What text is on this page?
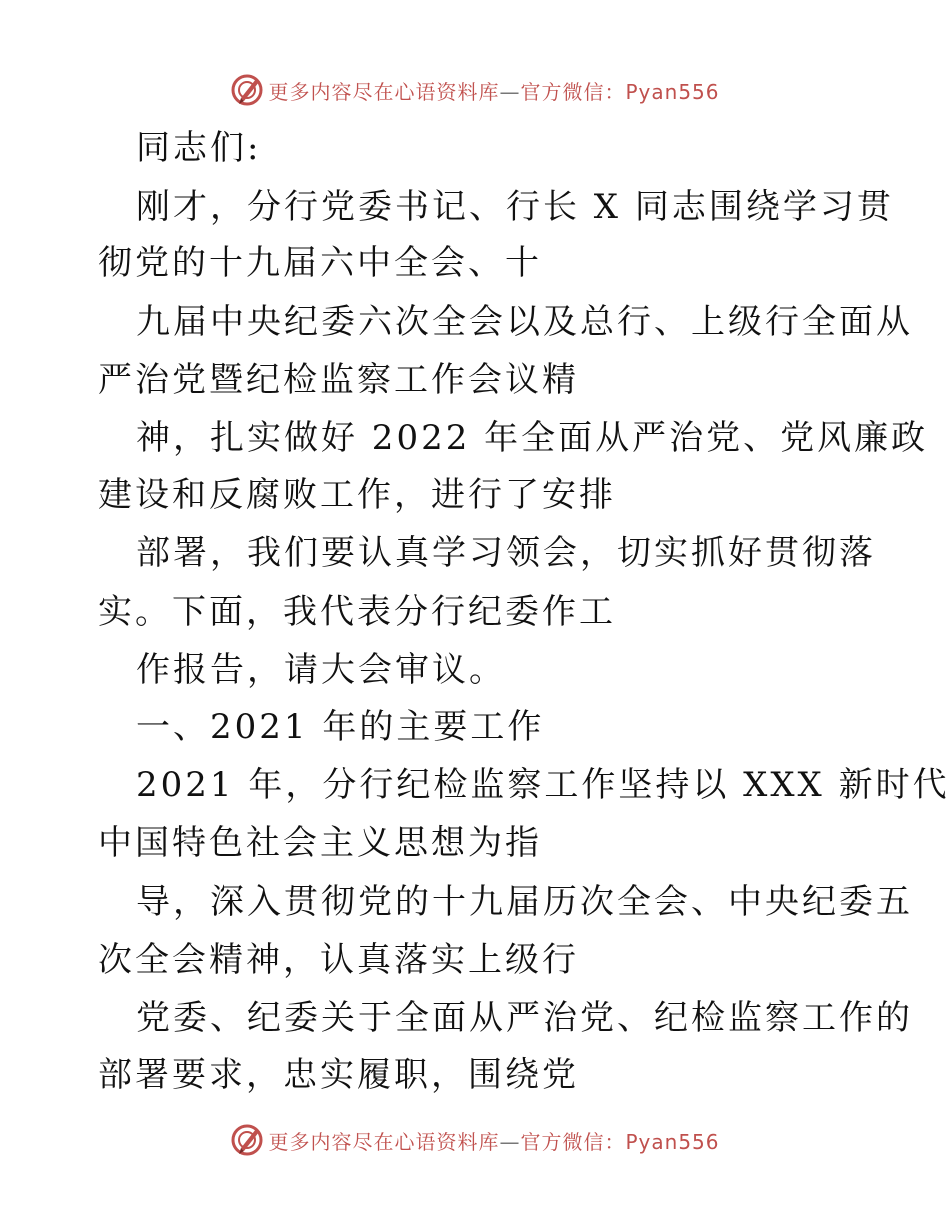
更多内容尽在心语资料库—官方微信：Pyan556
同志们:
刚才，分行党委书记、行长 X 同志围绕学习贯
彻党的十九届六中全会、十
九届中央纪委六次全会以及总行、上级行全面从
严治党暨纪检监察工作会议精
神，扎实做好 2022 年全面从严治党、党风廉政
建设和反腐败工作，进行了安排
部署，我们要认真学习领会，切实抓好贯彻落
实。下面，我代表分行纪委作工
作报告，请大会审议。
一、2021 年的主要工作
2021 年，分行纪检监察工作坚持以 XXX 新时代
中国特色社会主义思想为指
导，深入贯彻党的十九届历次全会、中央纪委五
次全会精神，认真落实上级行
党委、纪委关于全面从严治党、纪检监察工作的
部署要求，忠实履职，围绕党
更多内容尽在心语资料库—官方微信：Pyan556
